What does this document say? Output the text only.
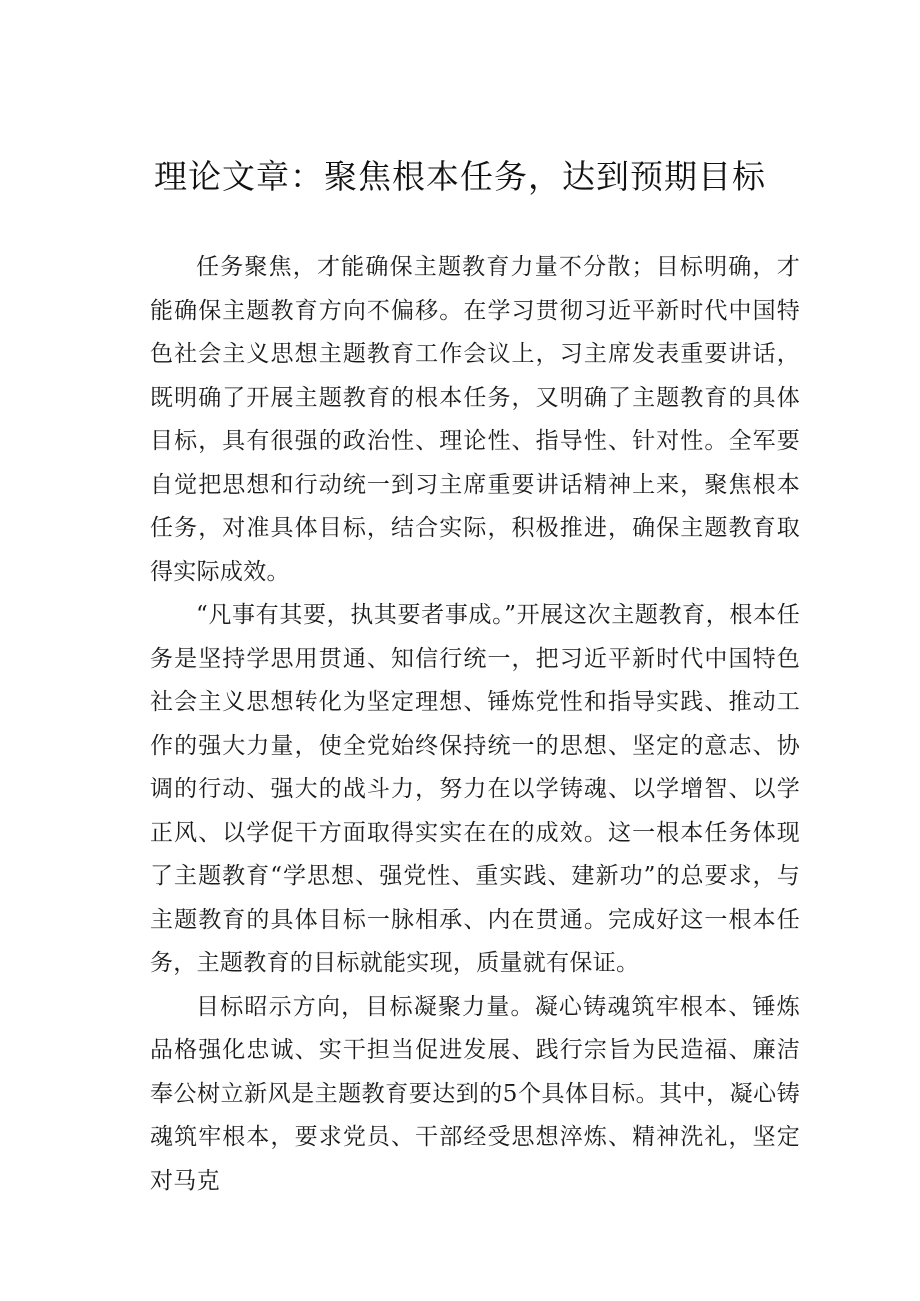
理论文章：聚焦根本任务，达到预期目标

任务聚焦，才能确保主题教育力量不分散；目标明确，才能确保主题教育方向不偏移。在学习贯彻习近平新时代中国特色社会主义思想主题教育工作会议上，习主席发表重要讲话，既明确了开展主题教育的根本任务，又明确了主题教育的具体目标，具有很强的政治性、理论性、指导性、针对性。全军要自觉把思想和行动统一到习主席重要讲话精神上来，聚焦根本任务，对准具体目标，结合实际，积极推进，确保主题教育取得实际成效。

“凡事有其要，执其要者事成。”开展这次主题教育，根本任务是坚持学思用贯通、知信行统一，把习近平新时代中国特色社会主义思想转化为坚定理想、锤炼党性和指导实践、推动工作的强大力量，使全党始终保持统一的思想、坚定的意志、协调的行动、强大的战斗力，努力在以学铸魂、以学增智、以学正风、以学促干方面取得实实在在的成效。这一根本任务体现了主题教育“学思想、强党性、重实践、建新功”的总要求，与主题教育的具体目标一脉相承、内在贯通。完成好这一根本任务，主题教育的目标就能实现，质量就有保证。

目标昭示方向，目标凝聚力量。凝心铸魂筑牢根本、锤炼品格强化忠诚、实干担当促进发展、践行宗旨为民造福、廉洁奉公树立新风是主题教育要达到的5个具体目标。其中，凝心铸魂筑牢根本，要求党员、干部经受思想淬炼、精神洗礼，坚定对马克
